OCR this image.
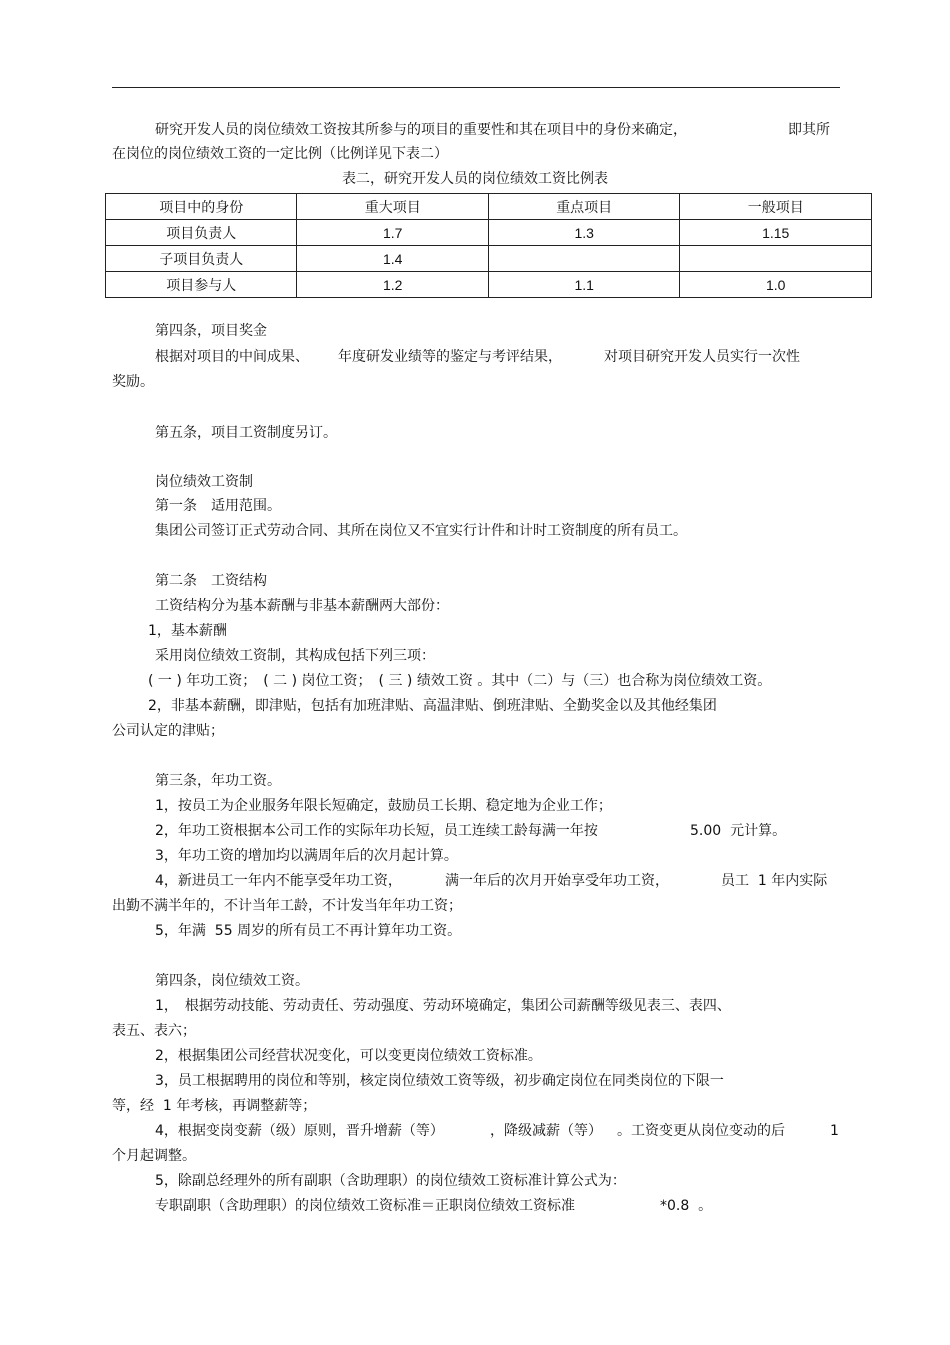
研究开发人员的岗位绩效工资按其所参与的项目的重要性和其在项目中的身份来确定，	即其所
在岗位的岗位绩效工资的一定比例（比例详见下表二）
表二，研究开发人员的岗位绩效工资比例表
项目中的身份	重大项目	重点项目	一般项目
项目负责人	1.7	1.3	1.15
子项目负责人	1.4		
项目参与人	1.2	1.1	1.0
第四条，项目奖金
根据对项目的中间成果、 年度研发业绩等的鉴定与考评结果，	对项目研究开发人员实行一次性
奖励。
第五条，项目工资制度另订。
岗位绩效工资制
第一条　适用范围。
集团公司签订正式劳动合同、其所在岗位又不宜实行计件和计时工资制度的所有员工。
第二条　工资结构
工资结构分为基本薪酬与非基本薪酬两大部份：
1，基本薪酬
采用岗位绩效工资制，其构成包括下列三项：
( 一 ) 年功工资；　( 二 ) 岗位工资；　( 三 ) 绩效工资 。其中（二）与（三）也合称为岗位绩效工资。
2，非基本薪酬，即津贴，包括有加班津贴、高温津贴、倒班津贴、全勤奖金以及其他经集团
公司认定的津贴；
第三条，年功工资。
1，按员工为企业服务年限长短确定，鼓励员工长期、稳定地为企业工作；
2，年功工资根据本公司工作的实际年功长短，员工连续工龄每满一年按	5.00  元计算。
3，年功工资的增加均以满周年后的次月起计算。
4，新进员工一年内不能享受年功工资，	满一年后的次月开始享受年功工资，	员工  1 年内实际
出勤不满半年的，不计当年工龄，不计发当年年功工资；
5，年满  55 周岁的所有员工不再计算年功工资。
第四条，岗位绩效工资。
1，　根据劳动技能、劳动责任、劳动强度、劳动环境确定，集团公司薪酬等级见表三、表四、
表五、表六；
2，根据集团公司经营状况变化，可以变更岗位绩效工资标准。
3，员工根据聘用的岗位和等别，核定岗位绩效工资等级，初步确定岗位在同类岗位的下限一
等，经  1 年考核，再调整薪等；
4，根据变岗变薪（级）原则，晋升增薪（等）	，降级减薪（等） 。工资变更从岗位变动的后	1
个月起调整。
5，除副总经理外的所有副职（含助理职）的岗位绩效工资标准计算公式为：
专职副职（含助理职）的岗位绩效工资标准＝正职岗位绩效工资标准	*0.8  。
